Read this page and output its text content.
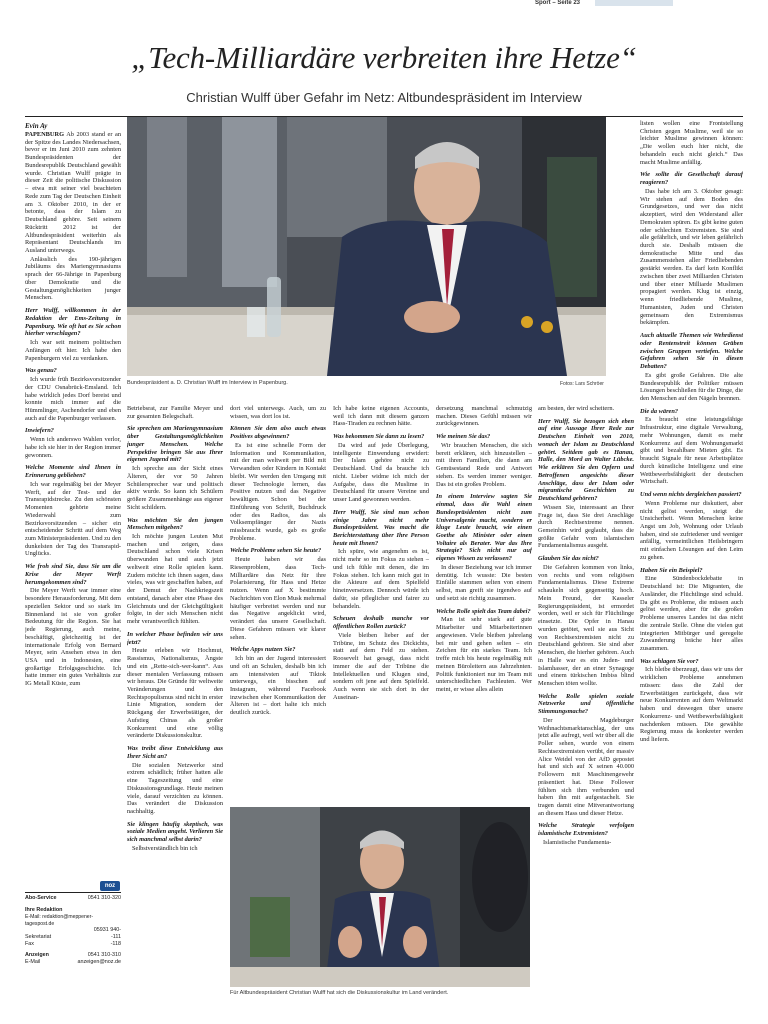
Sport – Seite 23
„Tech-Milliardäre verbreiten ihre Hetze“
Christian Wulff über Gefahr im Netz: Altbundespräsident im Interview
Evin Ay
Bundespräsident a. D. Christian Wulff im Interview in Papenburg.	Fotos: Lars Schröer
Für Altbundespräsident Christian Wulff hat sich die Diskussionskultur im Land verändert.

PAPENBURG Ab 2003 stand er an der Spitze des Landes Niedersachsen, bevor er im Juni 2010 zum zehnten Bundespräsidenten der Bundesrepublik Deutschland gewählt wurde. Christian Wulff prägte in dieser Zeit die politische Diskussion – etwa mit seiner viel beachteten Rede zum Tag der Deutschen Einheit am 3. Oktober 2010, in der er betonte, dass der Islam zu Deutschland gehöre. Seit seinem Rücktritt 2012 ist der Altbundespräsident weiterhin als Repräsentant Deutschlands im Ausland unterwegs.

Anlässlich des 190-jährigen Jubiläums des Mariengymnasiums sprach der 66-Jährige in Papenburg über Demokratie und die Gestaltungsmöglichkeiten junger Menschen.

Herr Wulff, willkommen in der Redaktion der Ems-Zeitung in Papenburg. Wie oft hat es Sie schon hierher verschlagen?

Ich war seit meinem politischen Anfängen oft hier. Ich habe den Papenburgern viel zu verdanken.

Was genau?

Ich wurde früh Bezirksvorsitzender der CDU Osnabrück-Emsland. Ich habe wirklich jedes Dorf bereist und konnte mich immer auf die Hümmlinger, Aschendorfer und eben auch auf die Papenburger verlassen.

Inwiefern?

Wenn ich anderswo Wahlen verlor, habe ich sie hier in der Region immer gewonnen.

Welche Momente sind Ihnen in Erinnerung geblieben?

Ich war regelmäßig bei der Meyer Werft, auf der Test- und der Transrapidstrecke. Zu den schönsten Momenten gehörte meine Wiederwahl zum Bezirksvorsitzenden – sicher ein entscheidender Schritt auf dem Weg zum Ministerpräsidenten. Und zu den dunkelsten der Tag des Transrapid-Unglücks.

Wie froh sind Sie, dass Sie um die Krise der Meyer Werft herumgekommen sind?

Die Meyer Werft war immer eine besondere Herausforderung. Mit dem speziellen Sektor und so stark im Binnenland ist sie von großer Bedeutung für die Region. Sie hat jede Regierung, auch meine, beschäftigt, gleichzeitig ist der internationale Erfolg von Bernard Meyer, sein Ansehen etwa in den USA und in Indonesien, eine großartige Erfolgsgeschichte. Ich hatte immer ein gutes Verhältnis zur IG Metall Küste, zum

noz
Abo-Service	0541 310-320
Ihre Redaktion
E-Mail: redaktion@meppener-tagespost.de
05931 940-
Sekretariat	-111
Fax	-118
Anzeigen	0541 310-310
E-Mail	anzeigen@noz.de

Betriebsrat, zur Familie Meyer und zur gesamten Belegschaft.

Sie sprechen am Mariengymnasium über Gestaltungsmöglichkeiten junger Menschen. Welche Perspektive bringen Sie aus Ihrer eigenen Jugend mit?

Ich spreche aus der Sicht eines Älteren, der vor 50 Jahren Schülersprecher war und politisch aktiv wurde. So kann ich Schülern größere Zusammenhänge aus eigener Sicht schildern.

Was möchten Sie den jungen Menschen mitgeben?

Ich möchte jungen Leuten Mut machen und zeigen, dass Deutschland schon viele Krisen überwunden hat und auch jetzt weltweit eine Rolle spielen kann. Zudem möchte ich ihnen sagen, dass vieles, was wir geschaffen haben, auf der Demut der Nachkriegszeit entstand, danach aber eine Phase des Gleichmuts und der Gleichgültigkeit folgte, in der sich Menschen nicht mehr verantwortlich fühlten.

In welcher Phase befinden wir uns jetzt?

Heute erleben wir Hochmut, Rassismus, Nationalismus, Ängste und ein „Rette-sich-wer-kann“. Aus dieser mentalen Verfassung müssen wir heraus. Die Gründe für weltweite Veränderungen und den Rechtspopulismus sind nicht in erster Linie Migration, sondern der Rückgang der Erwerbstätigen, der Aufstieg Chinas als großer Konkurrent und eine völlig veränderte Diskussionskultur.

Was treibt diese Entwicklung aus Ihrer Sicht an?

Die sozialen Netzwerke sind extrem schädlich; früher hatten alle eine Tageszeitung und eine Diskussionsgrundlage. Heute meinen viele, darauf verzichten zu können. Das verändert die Diskussion nachhaltig.

Sie klingen häufig skeptisch, was soziale Medien angeht. Verlieren Sie sich manchmal selbst darin?

Selbstverständlich bin ich

dort viel unterwegs. Auch, um zu wissen, was dort los ist.

Können Sie dem also auch etwas Positives abgewinnen?

Es ist eine schnelle Form der Information und Kommunikation, mit der man weltweit per Bild mit Verwandten oder Kindern in Kontakt bleibt. Wir werden den Umgang mit dieser Technologie lernen, das Positive nutzen und das Negative bewältigen. Schon bei der Einführung von Schrift, Buchdruck oder des Radios, das als Volksempfänger der Nazis missbraucht wurde, gab es große Probleme.

Welche Probleme sehen Sie heute?

Heute haben wir das Riesenproblem, dass Tech-Milliardäre das Netz für ihre Polarisierung, für Hass und Hetze nutzen. Wenn auf X bestimmte Nachrichten von Elon Musk mehrmal häufiger verbreitet werden und nur das Negative angeklickt wird, verändert das unsere Gesellschaft. Diese Gefahren müssen wir klarer sehen.

Welche Apps nutzen Sie?

Ich bin an der Jugend interessiert und oft an Schulen, deshalb bin ich am intensivsten auf Tiktok unterwegs, ein bisschen auf Instagram, während Facebook inzwischen eher Kommunikation der Älteren ist – dort halte ich mich deutlich zurück.

Ich habe keine eigenen Accounts, weil ich dann mit diesem ganzen Hass-Tiraden zu rechnen hätte.

Was bekommen Sie dann zu lesen?

Da wird auf jede Überlegung, intelligente Einwendung erwidert: Der Islam gehöre nicht zu Deutschland. Und da brauche ich nicht. Lieber widme ich mich der Aufgabe, dass die Muslime in Deutschland für unsere Vereine und unser Land gewonnen werden.

Herr Wulff, Sie sind nun schon einige Jahre nicht mehr Bundespräsident. Was macht die Berichterstattung über Ihre Person heute mit Ihnen?

Ich spüre, wie angenehm es ist, nicht mehr so im Fokus zu stehen – und ich fühle mit denen, die im Fokus stehen. Ich kann mich gut in die Akteure auf dem Spielfeld hineinversetzen. Dennoch würde ich dafür, sie pfleglicher und fairer zu behandeln.

Scheuen deshalb manche vor öffentlichen Rollen zurück?

Viele bleiben lieber auf der Tribüne, im Schutz des Dickichts, statt auf dem Feld zu stehen. Roosevelt hat gesagt, dass nicht immer die auf der Tribüne die Intellektuellen und Klugen sind, sondern oft jene auf dem Spielfeld. Auch wenn sie sich dort in der Auseinan-

dersetzung manchmal schmutzig machen. Dieses Gefühl müssen wir zurückgewinnen.

Wie meinen Sie das?

Wir brauchen Menschen, die sich bereit erklären, sich hinzustellen – mit ihren Familien, die dann am Gemüsestand Rede und Antwort stehen. Es werden immer weniger. Das ist ein großes Problem.

In einem Interview sagten Sie einmal, dass die Wahl einen Bundespräsidenten nicht zum Universalgenie macht, sondern er kluge Leute braucht, wie einen Goethe als Minister oder einen Voltaire als Berater. War das Ihre Strategie? Sich nicht nur auf eigenes Wissen zu verlassen?

In dieser Beziehung war ich immer demütig. Ich wusste: Die besten Einfälle stammen selten von einem selbst, man greift sie irgendwo auf und setzt sie richtig zusammen.

Welche Rolle spielt das Team dabei?

Man ist sehr stark auf gute Mitarbeiter und Mitarbeiterinnen angewiesen. Viele bleiben jahrelang bei mir und gehen selten – ein Zeichen für ein starkes Team. Ich treffe mich bis heute regelmäßig mit meinen Büroleitern aus Jahrzehnten. Politik funktioniert nur im Team mit unterschiedlichen Fachleuten. Wer meint, er wisse alles allein

am besten, der wird scheitern.

Herr Wulff, Sie bezogen sich eben auf eine Aussage Ihrer Rede zur Deutschen Einheit von 2010, wonach der Islam zu Deutschland gehört. Seitdem gab es Hanau, Halle, den Mord an Walter Lübcke. Wie erklären Sie den Opfern und Betroffenen angesichts dieser Anschläge, dass der Islam oder migrantische Geschichten zu Deutschland gehören?

Wissen Sie, interessant an Ihrer Frage ist, dass Sie drei Anschläge durch Rechtsextreme nennen. Gemeinhin wird geglaubt, dass die größte Gefahr vom islamischen Fundamentalismus ausgeht.

Glauben Sie das nicht?

Die Gefahren kommen von links, von rechts und vom religiösen Fundamentalismus. Diese Extreme schaukeln sich gegenseitig hoch. Mein Freund, der Kasseler Regierungspräsident, ist ermordet worden, weil er sich für Flüchtlinge einsetzte. Die Opfer in Hanau wurden getötet, weil sie aus Sicht von Rechtsextremisten nicht zu Deutschland gehören. Sie sind aber Menschen, die hierher gehören. Auch in Halle war es ein Juden- und Islamhasser, der an einer Synagoge und einem türkischen Imbiss blind Menschen töten wollte.

Welche Rolle spielen soziale Netzwerke und öffentliche Stimmungsmache?

Der Magdeburger Weihnachtsmarktanschlag, der uns jetzt alle aufregt, weil wir über all die Poller sehen, wurde von einem Rechtsextremisten verübt, der massiv Alice Weidel von der AfD gepostet hat und sich auf X seinen 40.000 Followern mit Maschinengewehr präsentiert hat. Diese Follower fühlten sich ihm verbunden und haben ihn mit aufgestachelt. Sie tragen damit eine Mitverantwortung an diesem Hass und dieser Hetze.

Welche Strategie verfolgen islamistische Extremisten?

Islamistische Fundamenta-

listen wollen eine Frontstellung Christen gegen Muslime, weil sie so leichter Muslime gewinnen können: „Die wollen euch hier nicht, die behandeln euch nicht gleich.“ Das macht Muslime anfällig.

Wie sollte die Gesellschaft darauf reagieren?

Das habe ich am 3. Oktober gesagt: Wir stehen auf dem Boden des Grundgesetzes, und wer das nicht akzeptiert, wird den Widerstand aller Demokraten spüren. Es gibt keine guten oder schlechten Extremisten. Sie sind alle gefährlich, und wir leben gefährlich durch sie. Deshalb müssen die demokratische Mitte und das Zusammenstehen aller Friedliebenden gestärkt werden. Es darf kein Konflikt zwischen über zwei Milliarden Christen und über einer Milliarde Muslimen propagiert werden. Klug ist einzig, wenn friedliebende Muslime, Humanisten, Juden und Christen gemeinsam den Extremismus bekämpfen.

Auch aktuelle Themen wie Wehrdienst oder Rentenstreit können Gräben zwischen Gruppen vertiefen. Welche Gefahren sehen Sie in diesen Debatten?

Es gibt große Gefahren. Die alte Bundesrepublik der Politiker müssen Lösungen beschließen für die Dinge, die den Menschen auf den Nägeln brennen.

Die da wären?

Es braucht eine leistungsfähige Infrastruktur, eine digitale Verwaltung, mehr Wohnungen, damit es mehr Konkurrenz auf dem Wohnungsmarkt gibt und bezahlbare Mieten gibt. Es braucht Signale für neue Arbeitsplätze durch künstliche Intelligenz und eine Wettbewerbsfähigkeit der deutschen Wirtschaft.

Und wenn nichts dergleichen passiert?

Wenn Probleme nur diskutiert, aber nicht gelöst werden, steigt die Unsicherheit. Wenn Menschen keine Angst um Job, Wohnung oder Urlaub haben, sind sie zufriedener und weniger anfällig, vermeintlichen Heilsbringern mit einfachen Lösungen auf den Leim zu gehen.

Haben Sie ein Beispiel?

Eine Sündenbockdebatte in Deutschland ist: Die Migranten, die Ausländer, die Flüchtlinge sind schuld. Da gibt es Probleme, die müssen auch gelöst werden, aber für die großen Probleme unseres Landes ist das nicht die zentrale Stelle. Ohne die vielen gut integrierten Mitbürger und geregelte Zuwanderung bräche hier alles zusammen.

Was schlagen Sie vor?

Ich bleibe überzeugt, dass wir uns der wirklichen Probleme annehmen müssen: dass die Zahl der Erwerbstätigen zurückgeht, dass wir neue Konkurrenten auf dem Weltmarkt haben und deswegen über unsere Konkurrenz- und Wettbewerbsfähigkeit nachdenken müssen. Die gewählte Regierung muss da konkreter werden und liefern.
